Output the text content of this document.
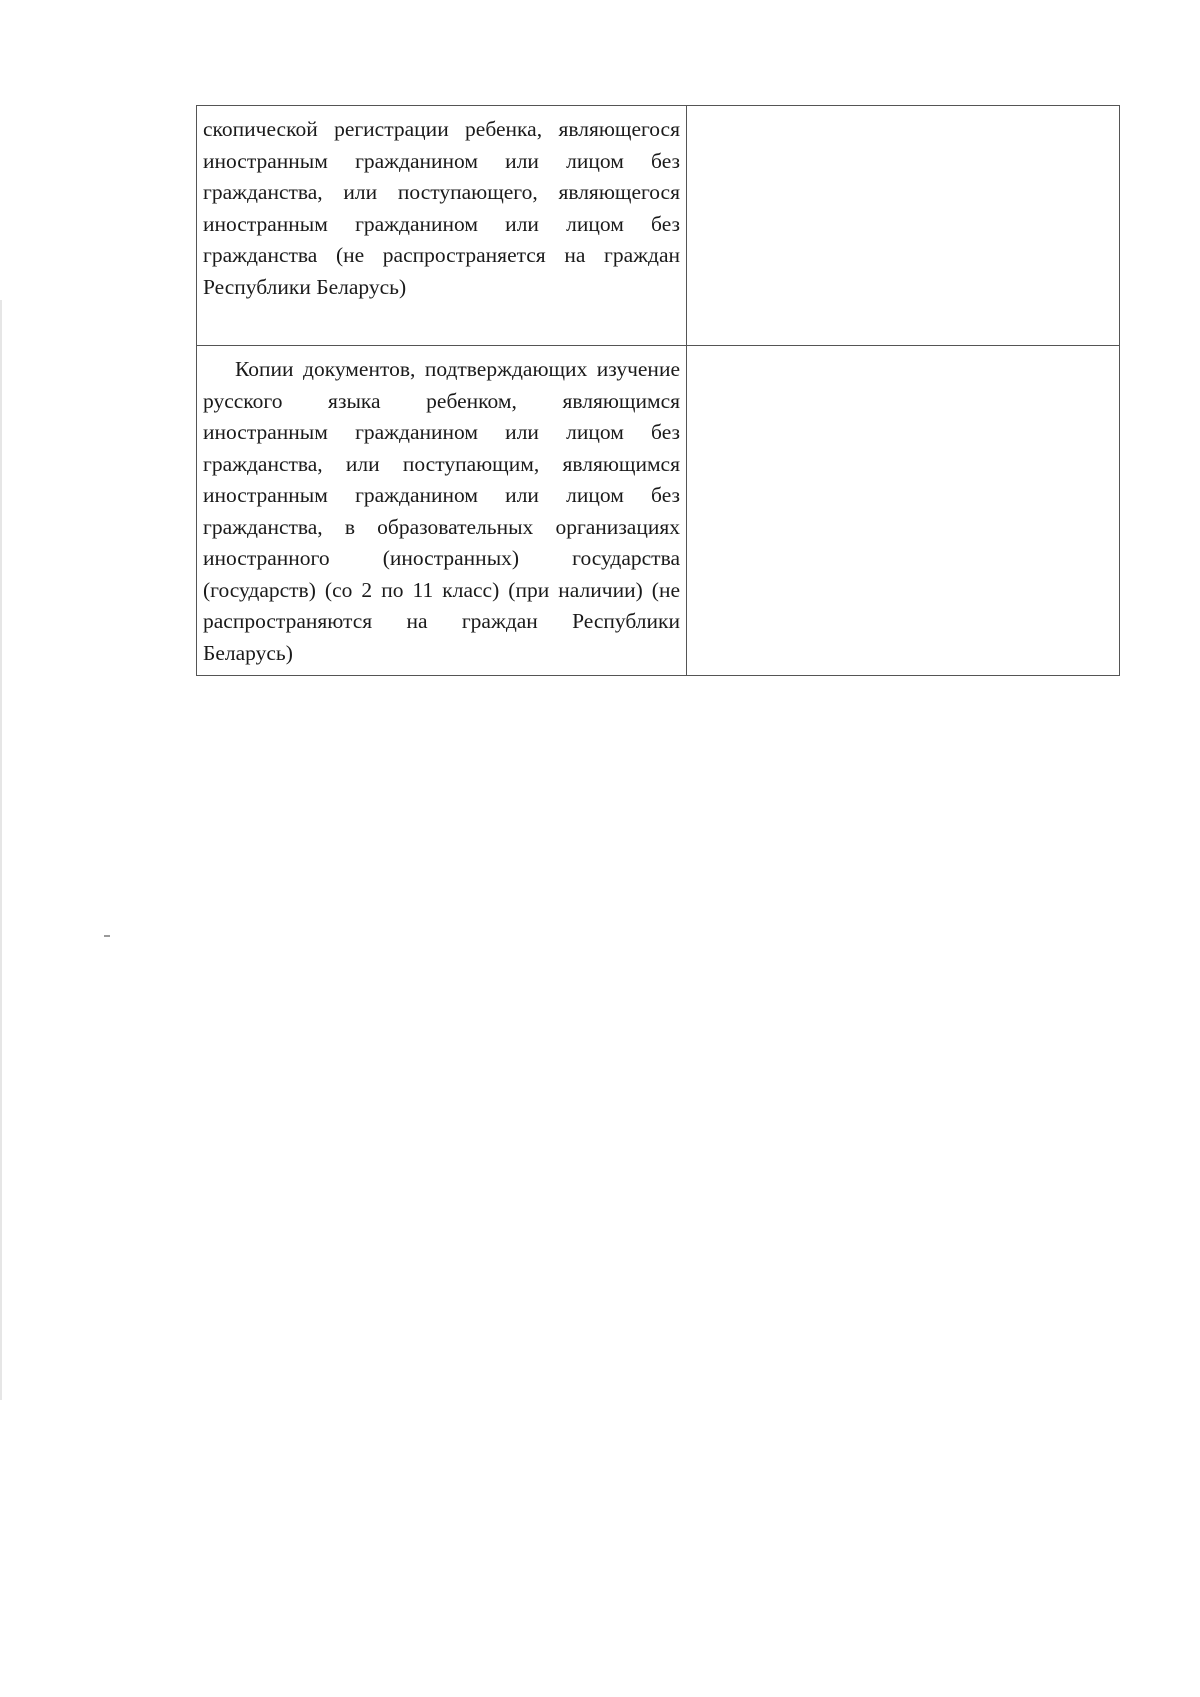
скопической регистрации ребенка, являющегося иностранным гражданином или лицом без гражданства, или поступающего, являющегося иностранным гражданином или лицом без гражданства (не распространяется на граждан Республики Беларусь)	
Копии документов, подтверждающих изучение русского языка ребенком, являющимся иностранным гражданином или лицом без гражданства, или поступающим, являющимся иностранным гражданином или лицом без гражданства, в образовательных организациях иностранного (иностранных) государства (государств) (со 2 по 11 класс) (при наличии) (не распространяются на граждан Республики Беларусь)	
